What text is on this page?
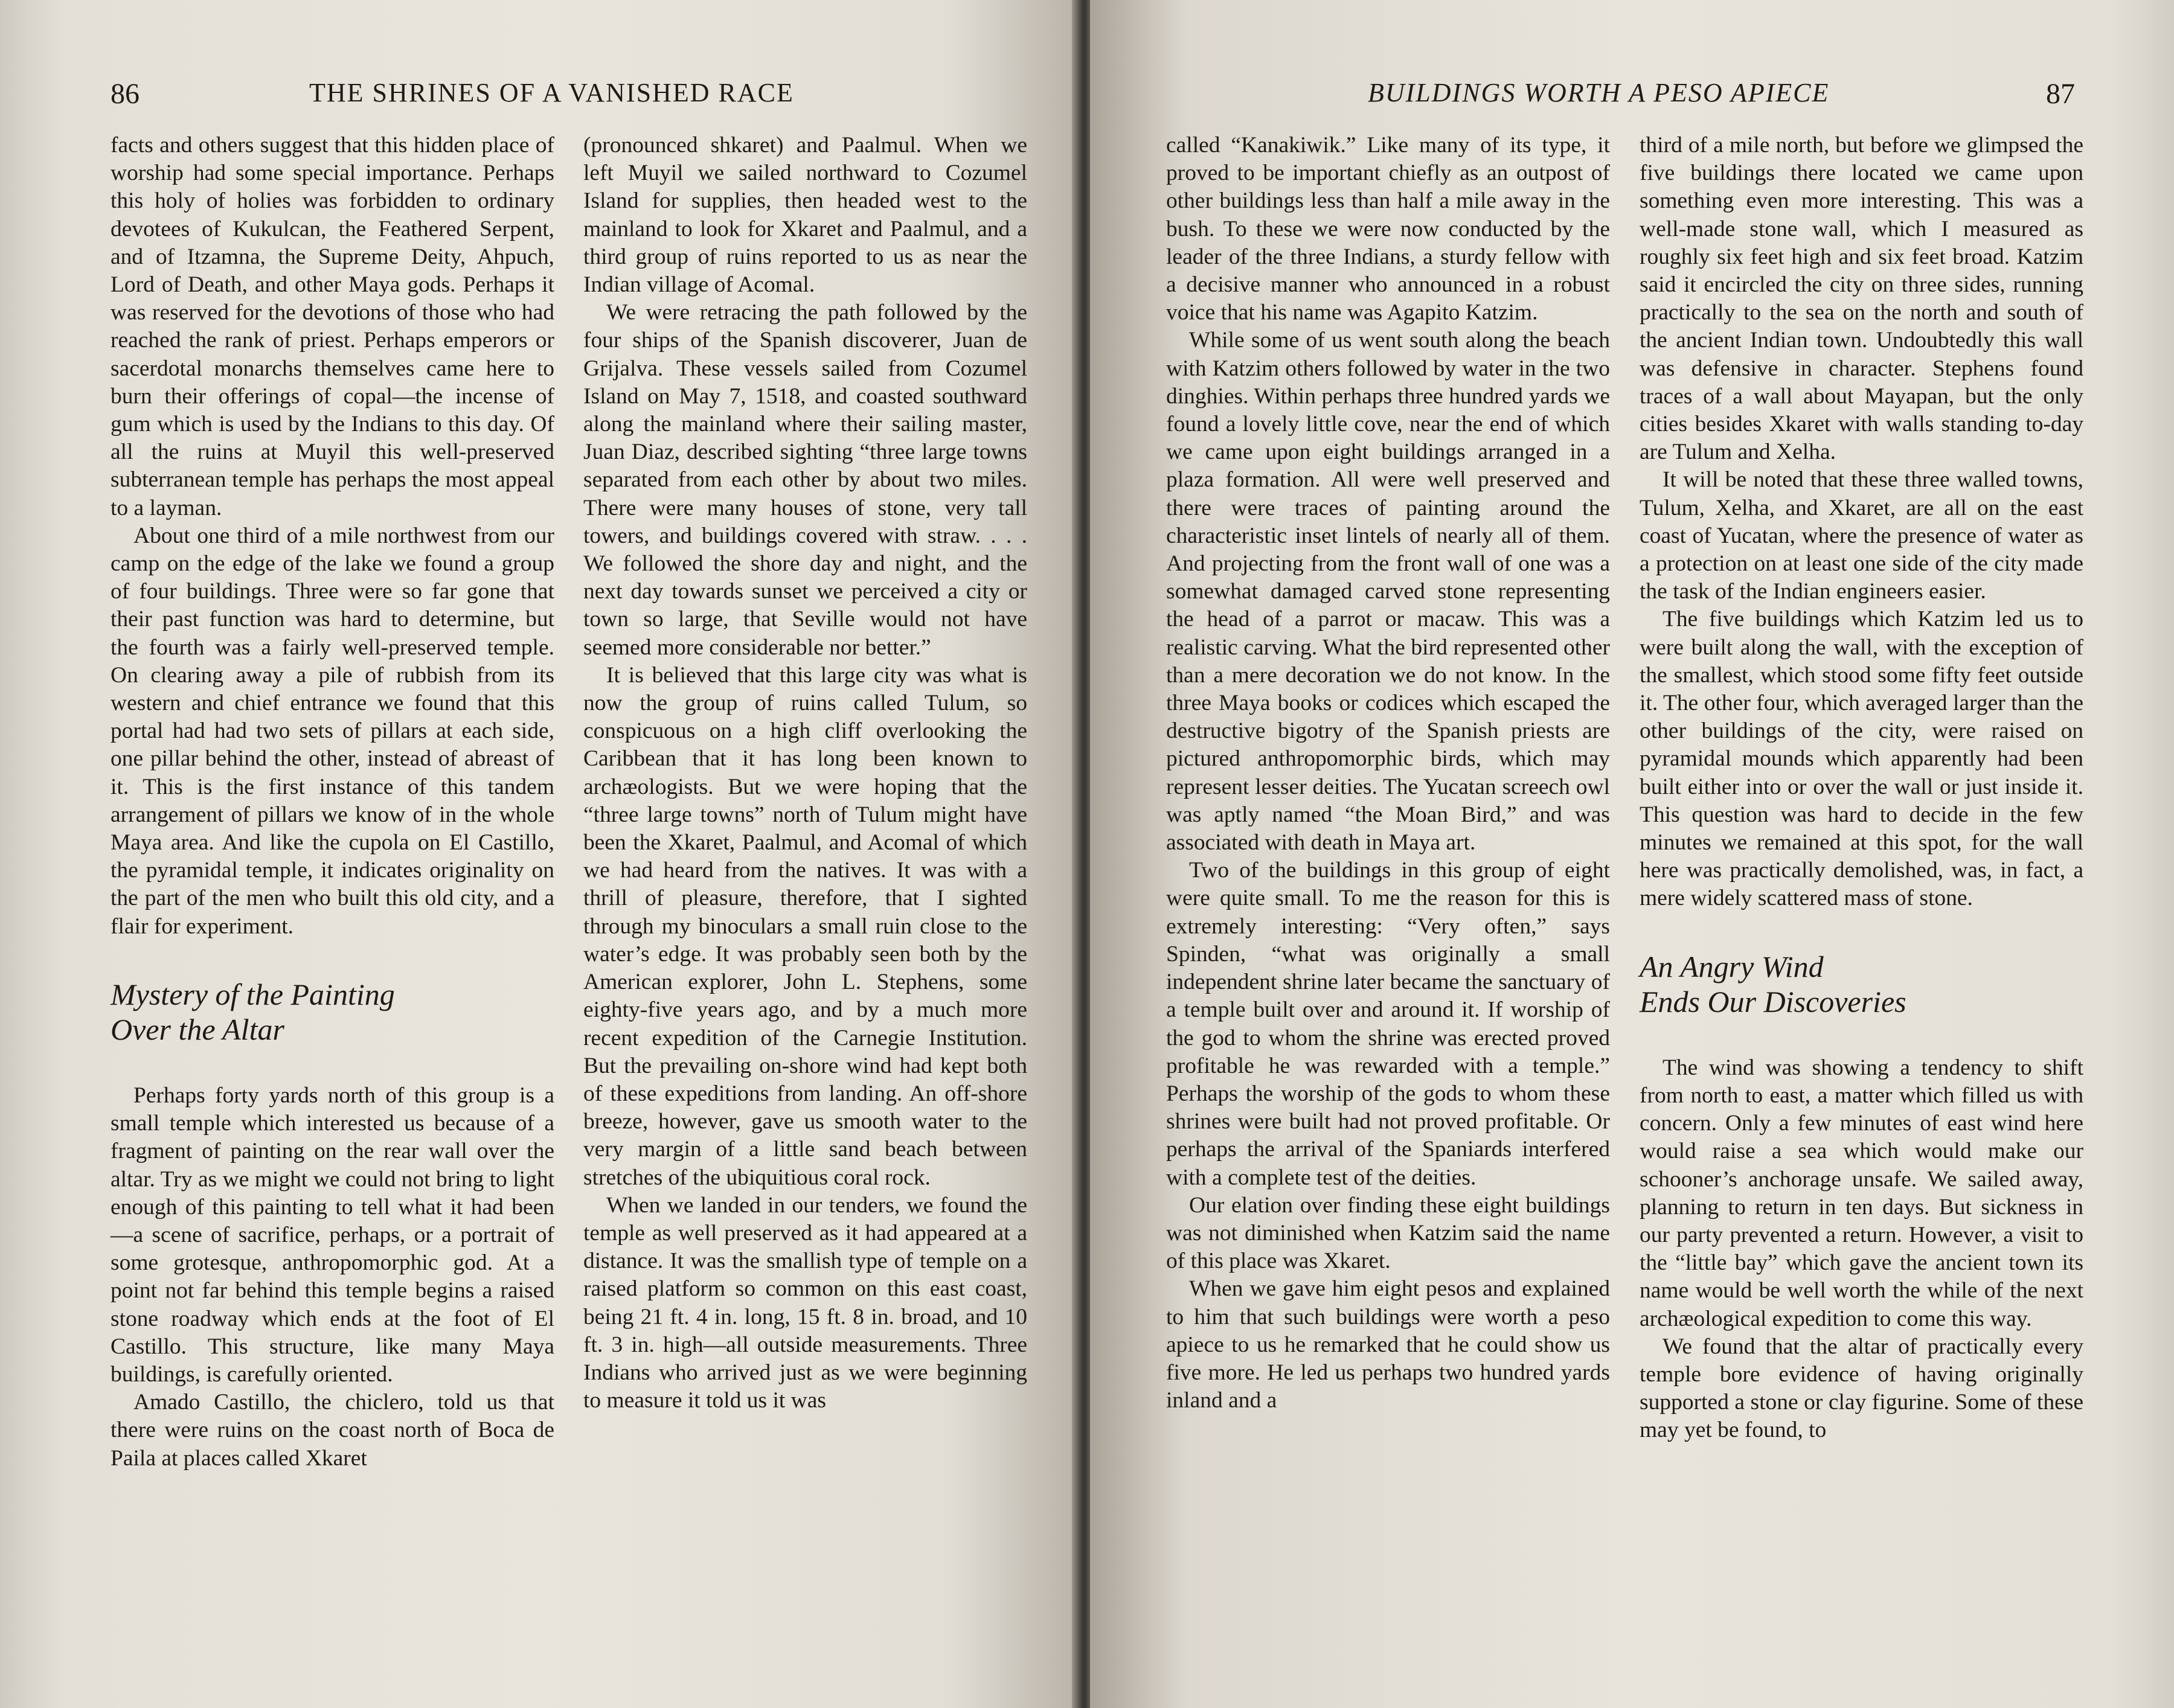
86	THE SHRINES OF A VANISHED RACE

facts and others suggest that this hidden place of worship had some special importance. Perhaps this holy of holies was forbidden to ordinary devotees of Kukulcan, the Feathered Serpent, and of Itzamna, the Supreme Deity, Ahpuch, Lord of Death, and other Maya gods. Perhaps it was reserved for the devotions of those who had reached the rank of priest. Perhaps emperors or sacerdotal monarchs themselves came here to burn their offerings of copal—the incense of gum which is used by the Indians to this day. Of all the ruins at Muyil this well-preserved subterranean temple has perhaps the most appeal to a layman.

About one third of a mile northwest from our camp on the edge of the lake we found a group of four buildings. Three were so far gone that their past function was hard to determine, but the fourth was a fairly well-preserved temple. On clearing away a pile of rubbish from its western and chief entrance we found that this portal had had two sets of pillars at each side, one pillar behind the other, instead of abreast of it. This is the first instance of this tandem arrangement of pillars we know of in the whole Maya area. And like the cupola on El Castillo, the pyramidal temple, it indicates originality on the part of the men who built this old city, and a flair for experiment.

Mystery of the Painting
Over the Altar

Perhaps forty yards north of this group is a small temple which interested us because of a fragment of painting on the rear wall over the altar. Try as we might we could not bring to light enough of this painting to tell what it had been—a scene of sacrifice, perhaps, or a portrait of some grotesque, anthropomorphic god. At a point not far behind this temple begins a raised stone roadway which ends at the foot of El Castillo. This structure, like many Maya buildings, is carefully oriented.

Amado Castillo, the chiclero, told us that there were ruins on the coast north of Boca de Paila at places called Xkaret

(pronounced shkaret) and Paalmul. When we left Muyil we sailed northward to Cozumel Island for supplies, then headed west to the mainland to look for Xkaret and Paalmul, and a third group of ruins reported to us as near the Indian village of Acomal.

We were retracing the path followed by the four ships of the Spanish discoverer, Juan de Grijalva. These vessels sailed from Cozumel Island on May 7, 1518, and coasted southward along the mainland where their sailing master, Juan Diaz, described sighting “three large towns separated from each other by about two miles. There were many houses of stone, very tall towers, and buildings covered with straw. . . . We followed the shore day and night, and the next day towards sunset we perceived a city or town so large, that Seville would not have seemed more considerable nor better.”

It is believed that this large city was what is now the group of ruins called Tulum, so conspicuous on a high cliff overlooking the Caribbean that it has long been known to archæologists. But we were hoping that the “three large towns” north of Tulum might have been the Xkaret, Paalmul, and Acomal of which we had heard from the natives. It was with a thrill of pleasure, therefore, that I sighted through my binoculars a small ruin close to the water’s edge. It was probably seen both by the American explorer, John L. Stephens, some eighty-five years ago, and by a much more recent expedition of the Carnegie Institution. But the prevailing on-shore wind had kept both of these expeditions from landing. An off-shore breeze, however, gave us smooth water to the very margin of a little sand beach between stretches of the ubiquitious coral rock.

When we landed in our tenders, we found the temple as well preserved as it had appeared at a distance. It was the smallish type of temple on a raised platform so common on this east coast, being 21 ft. 4 in. long, 15 ft. 8 in. broad, and 10 ft. 3 in. high—all outside measurements. Three Indians who arrived just as we were beginning to measure it told us it was

BUILDINGS WORTH A PESO APIECE	87

called “Kanakiwik.” Like many of its type, it proved to be important chiefly as an outpost of other buildings less than half a mile away in the bush. To these we were now conducted by the leader of the three Indians, a sturdy fellow with a decisive manner who announced in a robust voice that his name was Agapito Katzim.

While some of us went south along the beach with Katzim others followed by water in the two dinghies. Within perhaps three hundred yards we found a lovely little cove, near the end of which we came upon eight buildings arranged in a plaza formation. All were well preserved and there were traces of painting around the characteristic inset lintels of nearly all of them. And projecting from the front wall of one was a somewhat damaged carved stone representing the head of a parrot or macaw. This was a realistic carving. What the bird represented other than a mere decoration we do not know. In the three Maya books or codices which escaped the destructive bigotry of the Spanish priests are pictured anthropomorphic birds, which may represent lesser deities. The Yucatan screech owl was aptly named “the Moan Bird,” and was associated with death in Maya art.

Two of the buildings in this group of eight were quite small. To me the reason for this is extremely interesting: “Very often,” says Spinden, “what was originally a small independent shrine later became the sanctuary of a temple built over and around it. If worship of the god to whom the shrine was erected proved profitable he was rewarded with a temple.” Perhaps the worship of the gods to whom these shrines were built had not proved profitable. Or perhaps the arrival of the Spaniards interfered with a complete test of the deities.

Our elation over finding these eight buildings was not diminished when Katzim said the name of this place was Xkaret.

When we gave him eight pesos and explained to him that such buildings were worth a peso apiece to us he remarked that he could show us five more. He led us perhaps two hundred yards inland and a

third of a mile north, but before we glimpsed the five buildings there located we came upon something even more interesting. This was a well-made stone wall, which I measured as roughly six feet high and six feet broad. Katzim said it encircled the city on three sides, running practically to the sea on the north and south of the ancient Indian town. Undoubtedly this wall was defensive in character. Stephens found traces of a wall about Mayapan, but the only cities besides Xkaret with walls standing to-day are Tulum and Xelha.

It will be noted that these three walled towns, Tulum, Xelha, and Xkaret, are all on the east coast of Yucatan, where the presence of water as a protection on at least one side of the city made the task of the Indian engineers easier.

The five buildings which Katzim led us to were built along the wall, with the exception of the smallest, which stood some fifty feet outside it. The other four, which averaged larger than the other buildings of the city, were raised on pyramidal mounds which apparently had been built either into or over the wall or just inside it. This question was hard to decide in the few minutes we remained at this spot, for the wall here was practically demolished, was, in fact, a mere widely scattered mass of stone.

An Angry Wind
Ends Our Discoveries

The wind was showing a tendency to shift from north to east, a matter which filled us with concern. Only a few minutes of east wind here would raise a sea which would make our schooner’s anchorage unsafe. We sailed away, planning to return in ten days. But sickness in our party prevented a return. However, a visit to the “little bay” which gave the ancient town its name would be well worth the while of the next archæological expedition to come this way.

We found that the altar of practically every temple bore evidence of having originally supported a stone or clay figurine. Some of these may yet be found, to
